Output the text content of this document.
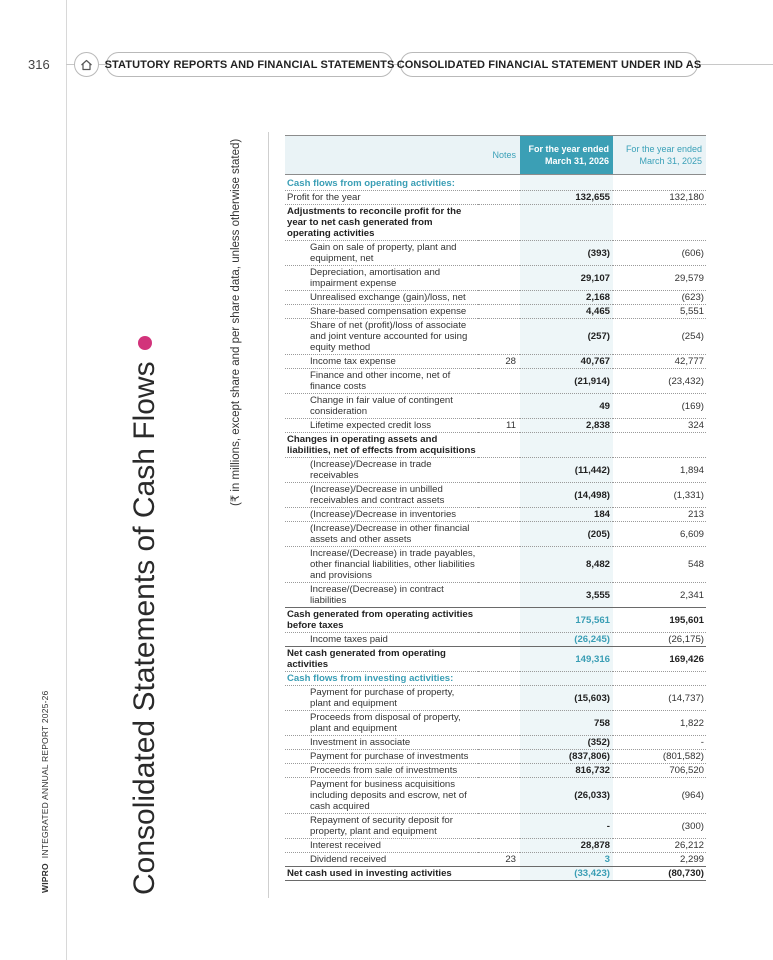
316	STATUTORY REPORTS AND FINANCIAL STATEMENTS CONSOLIDATED FINANCIAL STATEMENT UNDER IND AS
WIPROINTEGRATED ANNUAL REPORT 2025-26	Consolidated Statements of Cash Flows
(₹ in millions, except share and per share data, unless otherwise stated)
		Notes	For the year ended March 31, 2026	For the year ended March 31, 2025
Cash flows from operating activities:			
Profit for the year		132,655	132,180
Adjustments to reconcile profit for the year to net cash generated from operating activities			
Gain on sale of property, plant and equipment, net		(393)	(606)
Depreciation, amortisation and impairment expense		29,107	29,579
Unrealised exchange (gain)/loss, net		2,168	(623)
Share-based compensation expense		4,465	5,551
Share of net (profit)/loss of associate and joint venture accounted for using equity method		(257)	(254)
Income tax expense	28	40,767	42,777
Finance and other income, net of finance costs		(21,914)	(23,432)
Change in fair value of contingent consideration		49	(169)
Lifetime expected credit loss	11	2,838	324
Changes in operating assets and liabilities, net of effects from acquisitions			
(Increase)/Decrease in trade receivables		(11,442)	1,894
(Increase)/Decrease in unbilled receivables and contract assets		(14,498)	(1,331)
(Increase)/Decrease in inventories		184	213
(Increase)/Decrease in other financial assets and other assets		(205)	6,609
Increase/(Decrease) in trade payables, other financial liabilities, other liabilities and provisions		8,482	548
Increase/(Decrease) in contract liabilities		3,555	2,341
Cash generated from operating activities before taxes		175,561	195,601
Income taxes paid		(26,245)	(26,175)
Net cash generated from operating activities		149,316	169,426
Cash flows from investing activities:			
Payment for purchase of property, plant and equipment		(15,603)	(14,737)
Proceeds from disposal of property, plant and equipment		758	1,822
Investment in associate		(352)	-
Payment for purchase of investments		(837,806)	(801,582)
Proceeds from sale of investments		816,732	706,520
Payment for business acquisitions including deposits and escrow, net of cash acquired		(26,033)	(964)
Repayment of security deposit for property, plant and equipment		-	(300)
Interest received		28,878	26,212
Dividend received	23	3	2,299
Net cash used in investing activities		(33,423)	(80,730)
